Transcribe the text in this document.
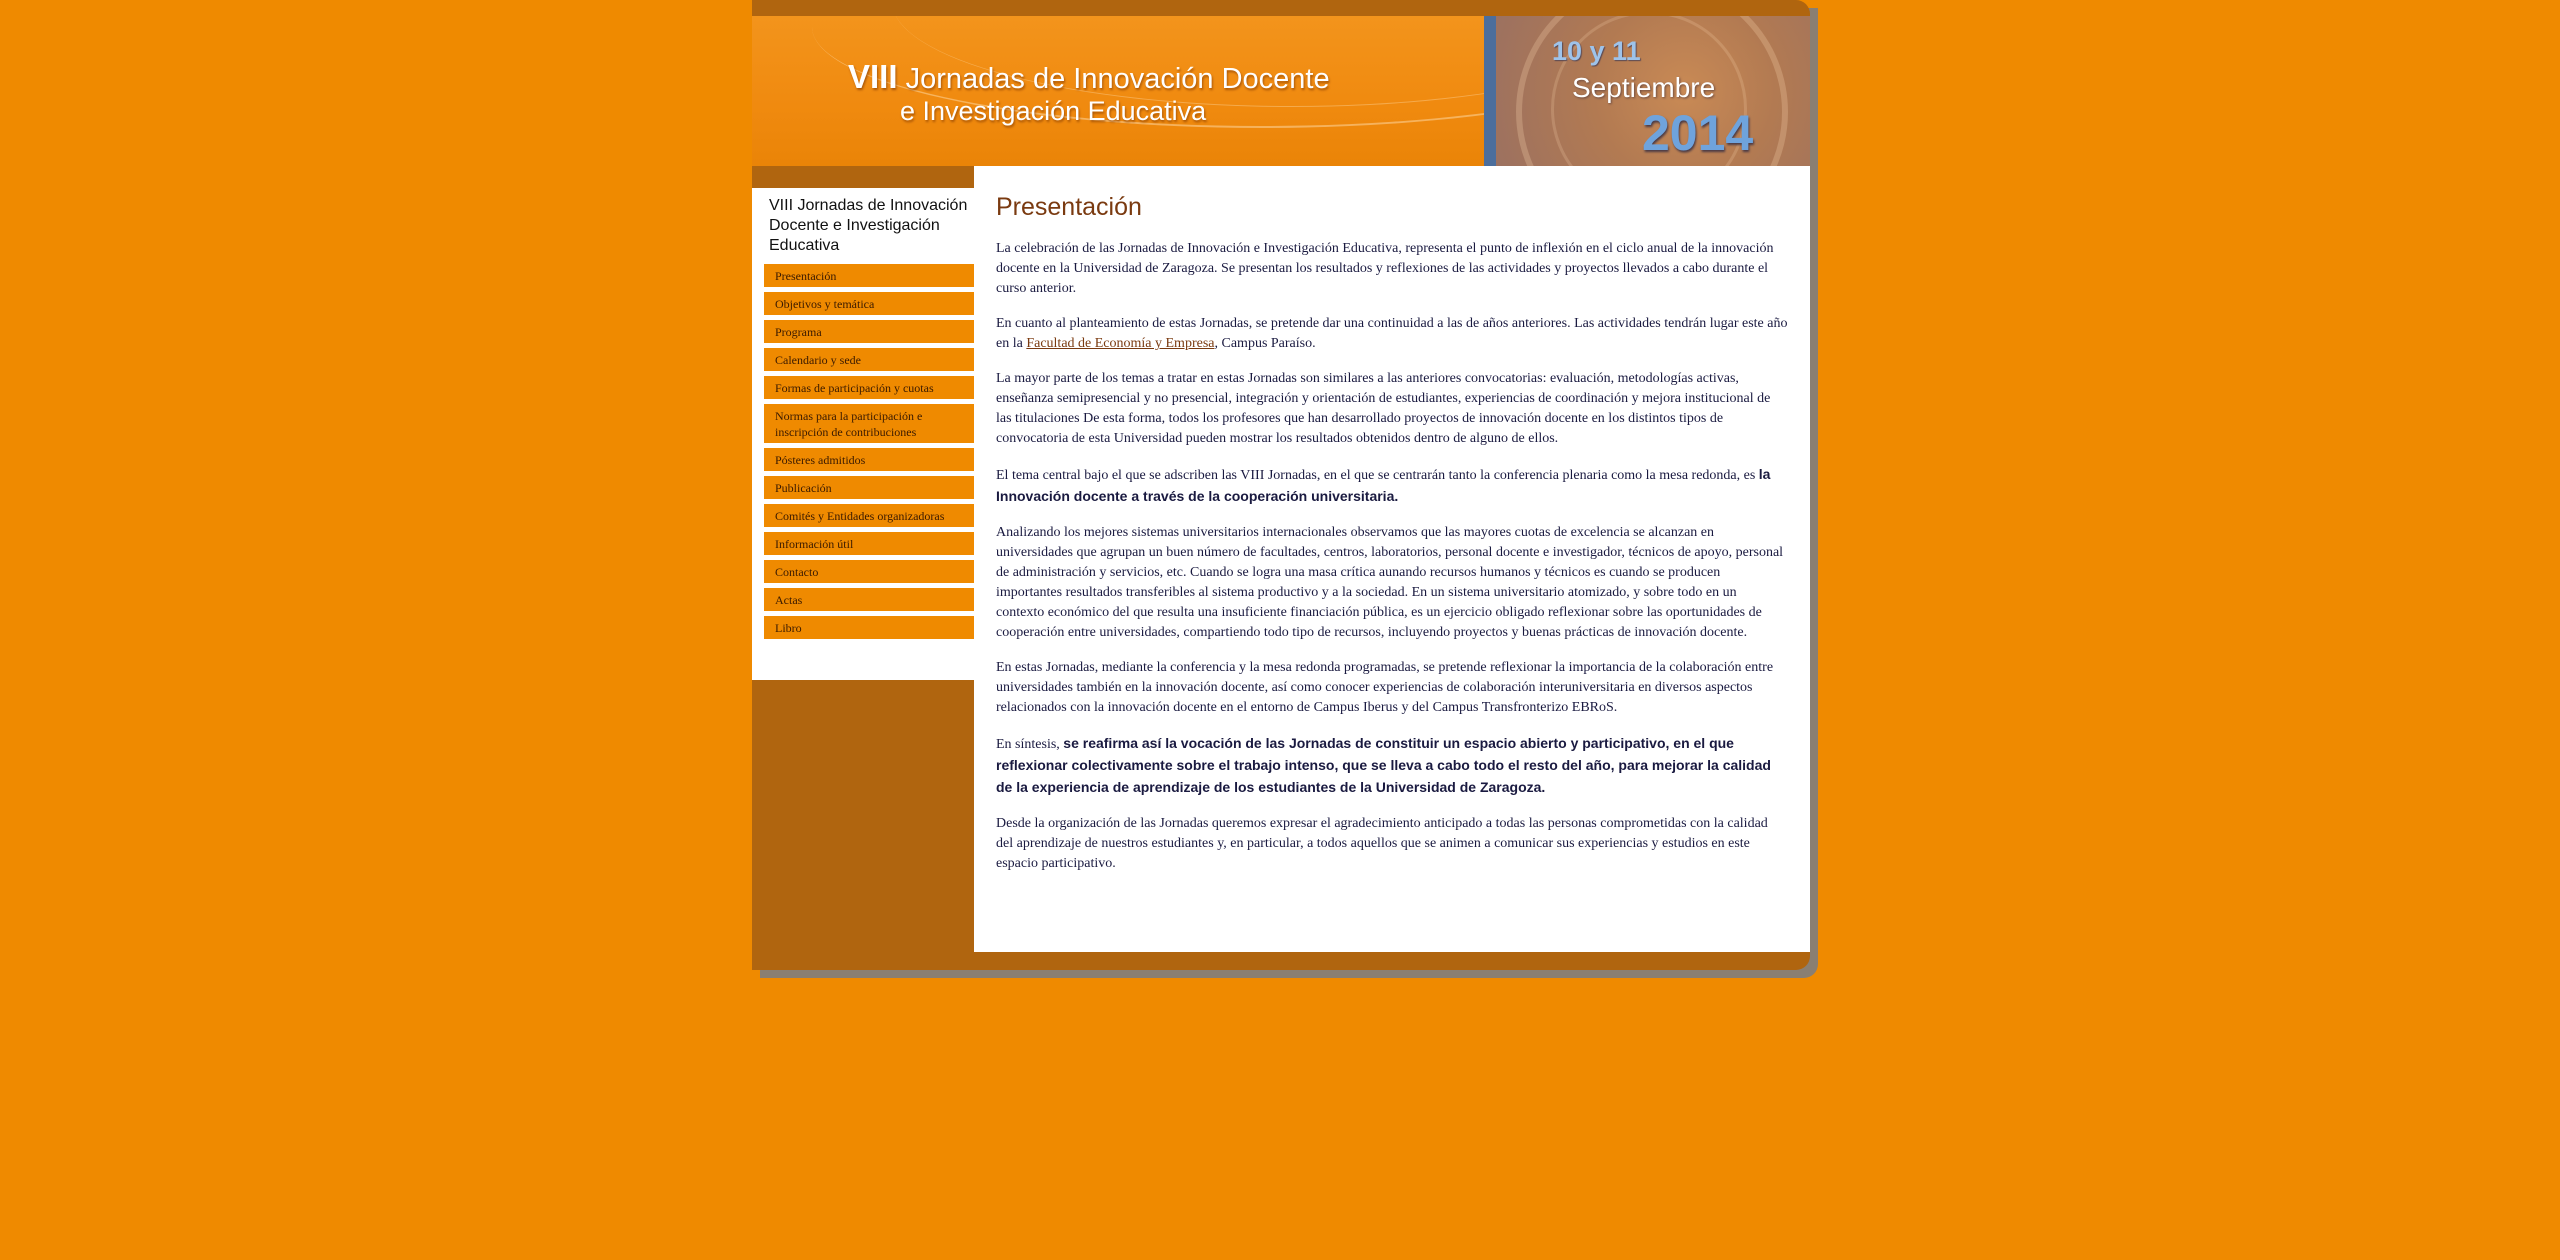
VIII Jornadas de Innovación Docente
e Investigación Educativa
10 y 11
Septiembre
2014
VIII Jornadas de Innovación Docente e Investigación Educativa
Presentación
Objetivos y temática
Programa
Calendario y sede
Formas de participación y cuotas
Normas para la participación e inscripción de contribuciones
Pósteres admitidos
Publicación
Comités y Entidades organizadoras
Información útil
Contacto
Actas
Libro
Presentación

La celebración de las Jornadas de Innovación e Investigación Educativa, representa el punto de inflexión en el ciclo anual de la innovación docente en la Universidad de Zaragoza. Se presentan los resultados y reflexiones de las actividades y proyectos llevados a cabo durante el curso anterior.

En cuanto al planteamiento de estas Jornadas, se pretende dar una continuidad a las de años anteriores. Las actividades tendrán lugar este año en la Facultad de Economía y Empresa, Campus Paraíso.

La mayor parte de los temas a tratar en estas Jornadas son similares a las anteriores convocatorias: evaluación, metodologías activas, enseñanza semipresencial y no presencial, integración y orientación de estudiantes, experiencias de coordinación y mejora institucional de las titulaciones De esta forma, todos los profesores que han desarrollado proyectos de innovación docente en los distintos tipos de convocatoria de esta Universidad pueden mostrar los resultados obtenidos dentro de alguno de ellos.

El tema central bajo el que se adscriben las VIII Jornadas, en el que se centrarán tanto la conferencia plenaria como la mesa redonda, es la Innovación docente a través de la cooperación universitaria.

Analizando los mejores sistemas universitarios internacionales observamos que las mayores cuotas de excelencia se alcanzan en universidades que agrupan un buen número de facultades, centros, laboratorios, personal docente e investigador, técnicos de apoyo, personal de administración y servicios, etc. Cuando se logra una masa crítica aunando recursos humanos y técnicos es cuando se producen importantes resultados transferibles al sistema productivo y a la sociedad. En un sistema universitario atomizado, y sobre todo en un contexto económico del que resulta una insuficiente financiación pública, es un ejercicio obligado reflexionar sobre las oportunidades de cooperación entre universidades, compartiendo todo tipo de recursos, incluyendo proyectos y buenas prácticas de innovación docente.

En estas Jornadas, mediante la conferencia y la mesa redonda programadas, se pretende reflexionar la importancia de la colaboración entre universidades también en la innovación docente, así como conocer experiencias de colaboración interuniversitaria en diversos aspectos relacionados con la innovación docente en el entorno de Campus Iberus y del Campus Transfronterizo EBRoS.

En síntesis, se reafirma así la vocación de las Jornadas de constituir un espacio abierto y participativo, en el que reflexionar colectivamente sobre el trabajo intenso, que se lleva a cabo todo el resto del año, para mejorar la calidad de la experiencia de aprendizaje de los estudiantes de la Universidad de Zaragoza.

Desde la organización de las Jornadas queremos expresar el agradecimiento anticipado a todas las personas comprometidas con la calidad del aprendizaje de nuestros estudiantes y, en particular, a todos aquellos que se animen a comunicar sus experiencias y estudios en este espacio participativo.
